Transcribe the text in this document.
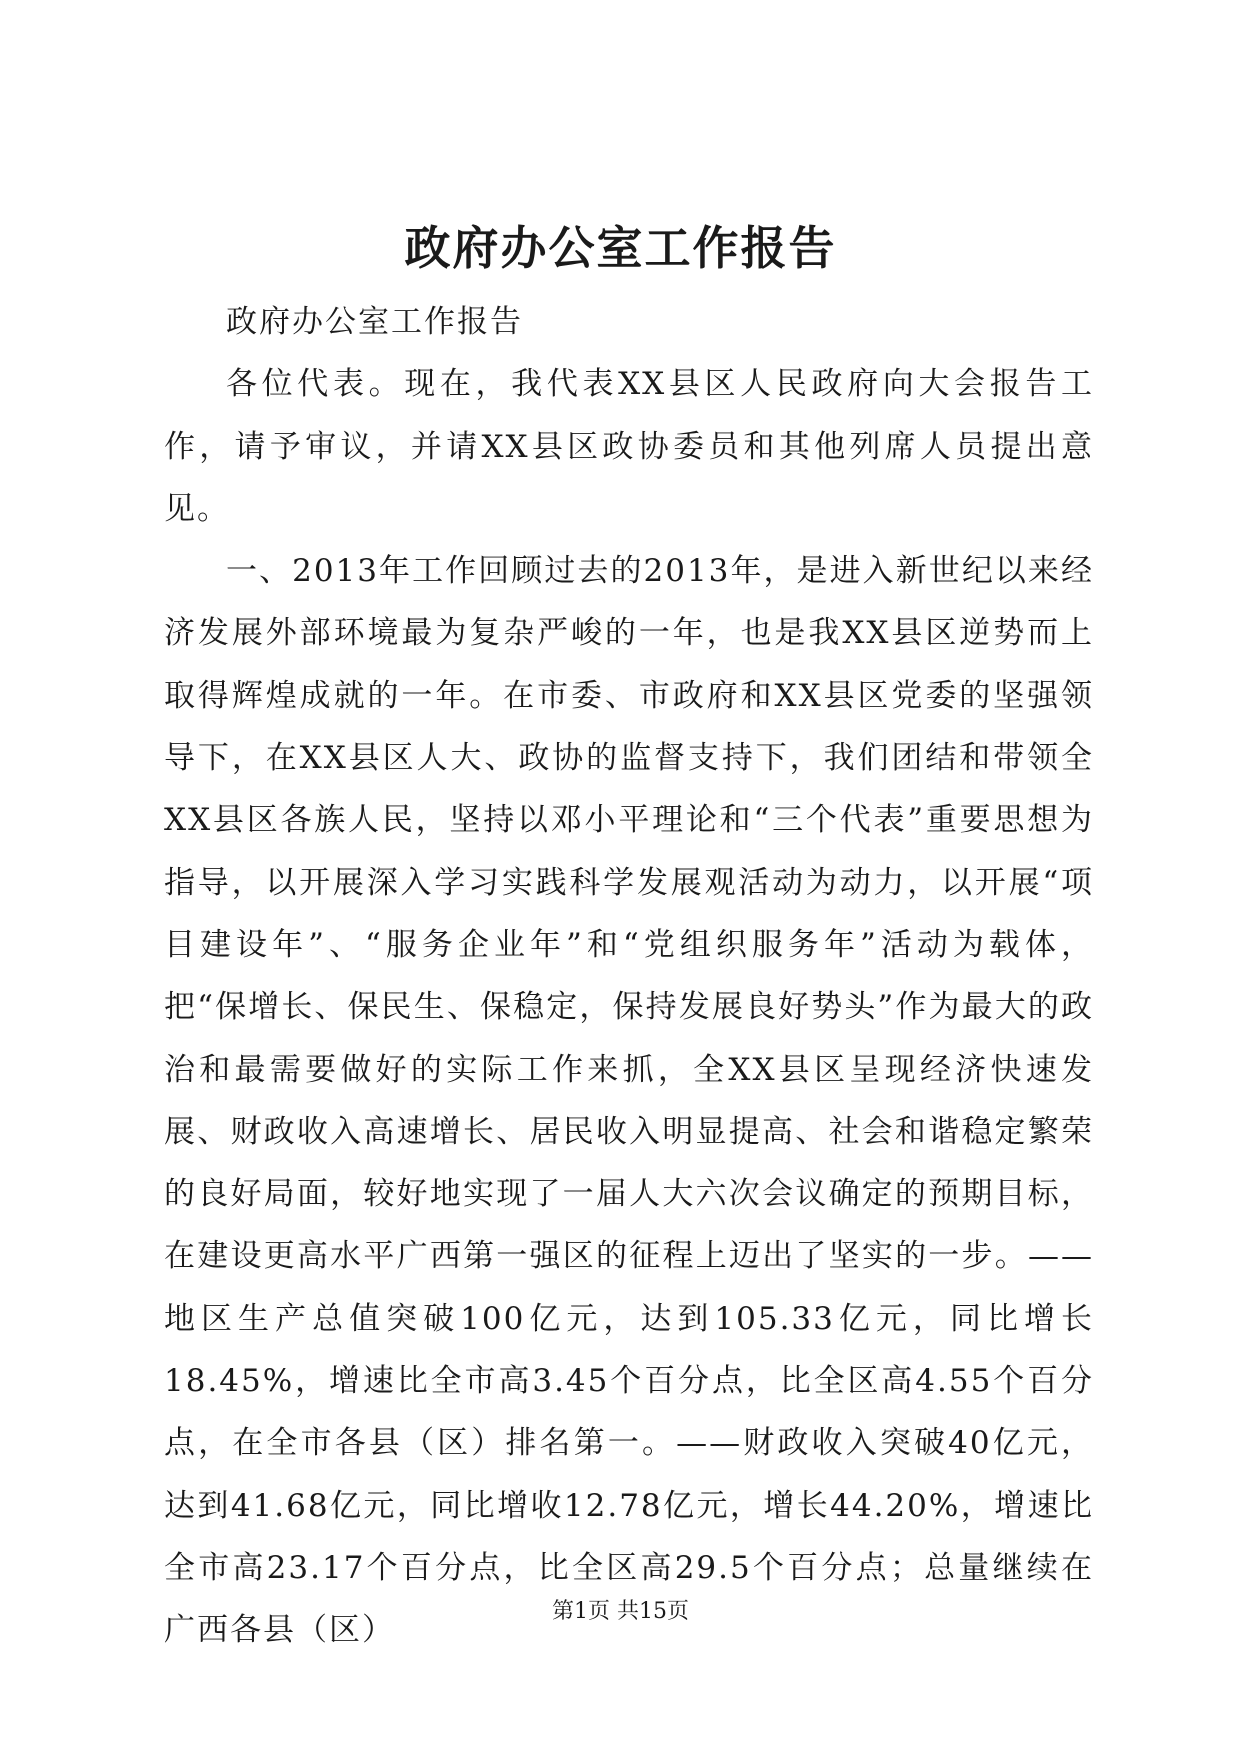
政府办公室工作报告

政府办公室工作报告

各位代表。现在，我代表XX县区人民政府向大会报告工作，请予审议，并请XX县区政协委员和其他列席人员提出意见。

一、2013年工作回顾过去的2013年，是进入新世纪以来经济发展外部环境最为复杂严峻的一年，也是我XX县区逆势而上取得辉煌成就的一年。在市委、市政府和XX县区党委的坚强领导下，在XX县区人大、政协的监督支持下，我们团结和带领全XX县区各族人民，坚持以邓小平理论和“三个代表”重要思想为指导，以开展深入学习实践科学发展观活动为动力，以开展“项目建设年”、“服务企业年”和“党组织服务年”活动为载体，把“保增长、保民生、保稳定，保持发展良好势头”作为最大的政治和最需要做好的实际工作来抓，全XX县区呈现经济快速发展、财政收入高速增长、居民收入明显提高、社会和谐稳定繁荣的良好局面，较好地实现了一届人大六次会议确定的预期目标，在建设更高水平广西第一强区的征程上迈出了坚实的一步。——地区生产总值突破100亿元，达到105.33亿元，同比增长18.45%，增速比全市高3.45个百分点，比全区高4.55个百分点，在全市各县（区）排名第一。——财政收入突破40亿元，达到41.68亿元，同比增收12.78亿元，增长44.20%，增速比全市高23.17个百分点，比全区高29.5个百分点；总量继续在广西各县（区）

第1页 共15页
